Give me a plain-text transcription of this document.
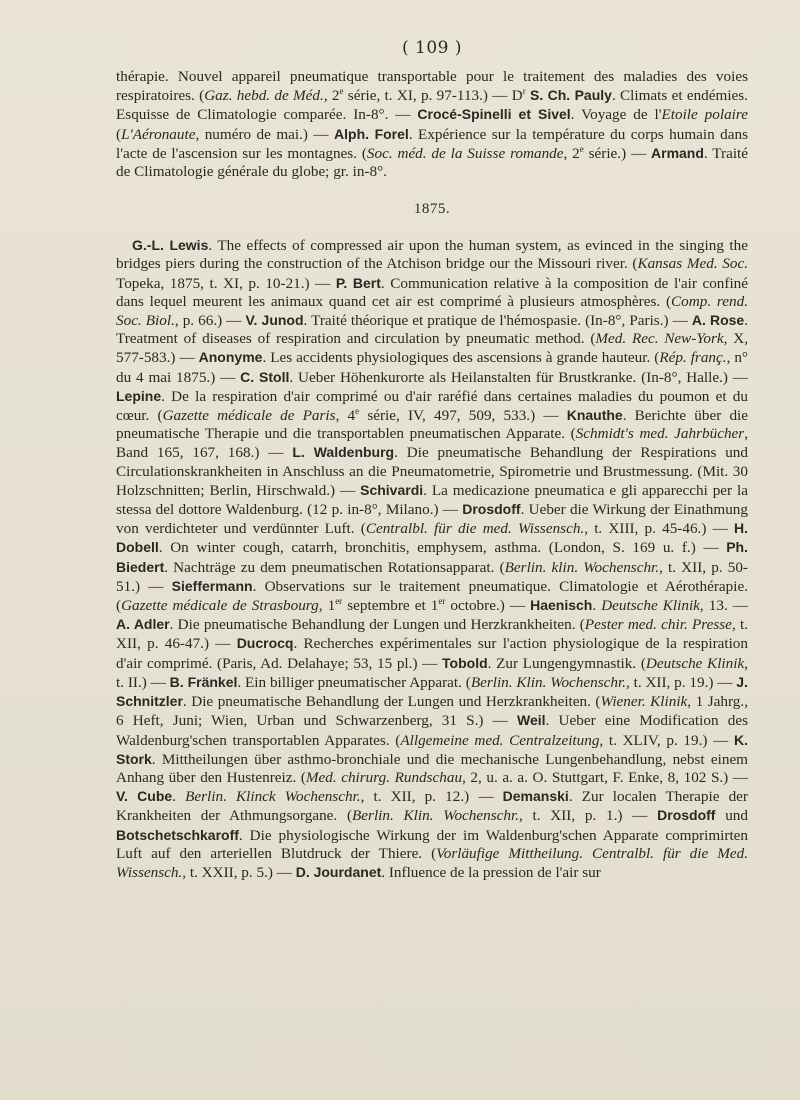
( 109 )

thérapie. Nouvel appareil pneumatique transportable pour le traitement des maladies des voies respiratoires. (Gaz. hebd. de Méd., 2e série, t. XI, p. 97-113.) — $D^r$ S. Ch. Pauly. Climats et endémies. Esquisse de Climatologie comparée. In-8°. — Crocé-Spinelli et Sivel. Voyage de l'Etoile polaire (L'Aéronaute, numéro de mai.) — Alph. Forel. Expérience sur la température du corps humain dans l'acte de l'ascension sur les montagnes. (Soc. méd. de la Suisse romande, 2e série.) — Armand. Traité de Climatologie générale du globe; gr. in-8°.

1875.

G.-L. Lewis. The effects of compressed air upon the human system, as evinced in the singing the bridges piers during the construction of the Atchison bridge our the Missouri river. (Kansas Med. Soc. Topeka, 1875, t. XI, p. 10-21.) — P. Bert. Communication relative à la composition de l'air confiné dans lequel meurent les animaux quand cet air est comprimé à plusieurs atmosphères. (Comp. rend. Soc. Biol., p. 66.) — V. Junod. Traité théorique et pratique de l'hémospasie. (In-8°, Paris.) — A. Rose. Treatment of diseases of respiration and circulation by pneumatic method. (Med. Rec. New-York, X, 577-583.) — Anonyme. Les accidents physiologiques des ascensions à grande hauteur. (Rép. franç., n° du 4 mai 1875.) — C. Stoll. Ueber Höhenkurorte als Heilanstalten für Brustkranke. (In-8°, Halle.) — Lepine. De la respiration d'air comprimé ou d'air raréfié dans certaines maladies du poumon et du cœur. (Gazette médicale de Paris, 4e série, IV, 497, 509, 533.) — Knauthe. Berichte über die pneumatische Therapie und die transportablen pneumatischen Apparate. (Schmidt's med. Jahrbücher, Band 165, 167, 168.) — L. Waldenburg. Die pneumatische Behandlung der Respirations und Circulationskrankheiten in Anschluss an die Pneumatometrie, Spirometrie und Brustmessung. (Mit. 30 Holzschnitten; Berlin, Hirschwald.) — Schivardi. La medicazione pneumatica e gli apparecchi per la stessa del dottore Waldenburg. (12 p. in-8°, Milano.) — Drosdoff. Ueber die Wirkung der Einathmung von verdichteter und verdünnter Luft. (Centralbl. für die med. Wissensch., t. XIII, p. 45-46.) — H. Dobell. On winter cough, catarrh, bronchitis, emphysem, asthma. (London, S. 169 u. f.) — Ph. Biedert. Nachträge zu dem pneumatischen Rotationsapparat. (Berlin. klin. Wochenschr., t. XII, p. 50-51.) — Sieffermann. Observations sur le traitement pneumatique. Climatologie et Aérothérapie. (Gazette médicale de Strasbourg, 1er septembre et 1er octobre.) — Haenisch. Deutsche Klinik, 13. — A. Adler. Die pneumatische Behandlung der Lungen und Herzkrankheiten. (Pester med. chir. Presse, t. XII, p. 46-47.) — Ducrocq. Recherches expérimentales sur l'action physiologique de la respiration d'air comprimé. (Paris, Ad. Delahaye; 53, 15 pl.) — Tobold. Zur Lungengymnastik. (Deutsche Klinik, t. II.) — B. Fränkel. Ein billiger pneumatischer Apparat. (Berlin. Klin. Wochenschr., t. XII, p. 19.) — J. Schnitzler. Die pneumatische Behandlung der Lungen und Herzkrankheiten. (Wiener. Klinik, 1 Jahrg., 6 Heft, Juni; Wien, Urban und Schwarzenberg, 31 S.) — Weil. Ueber eine Modification des Waldenburg'schen transportablen Apparates. (Allgemeine med. Centralzeitung, t. XLIV, p. 19.) — K. Stork. Mittheilungen über asthmo-bronchiale und die mechanische Lungenbehandlung, nebst einem Anhang über den Hustenreiz. (Med. chirurg. Rundschau, 2, u. a. a. O. Stuttgart, F. Enke, 8, 102 S.) — V. Cube. Berlin. Klinck Wochenschr., t. XII, p. 12.) — Demanski. Zur localen Therapie der Krankheiten der Athmungsorgane. (Berlin. Klin. Wochenschr., t. XII, p. 1.) — Drosdoff und Botschetschkaroff. Die physiologische Wirkung der im Waldenburg'schen Apparate comprimirten Luft auf den arteriellen Blutdruck der Thiere. (Vorläufige Mittheilung. Centralbl. für die Med. Wissensch., t. XXII, p. 5.) — D. Jourdanet. Influence de la pression de l'air sur
